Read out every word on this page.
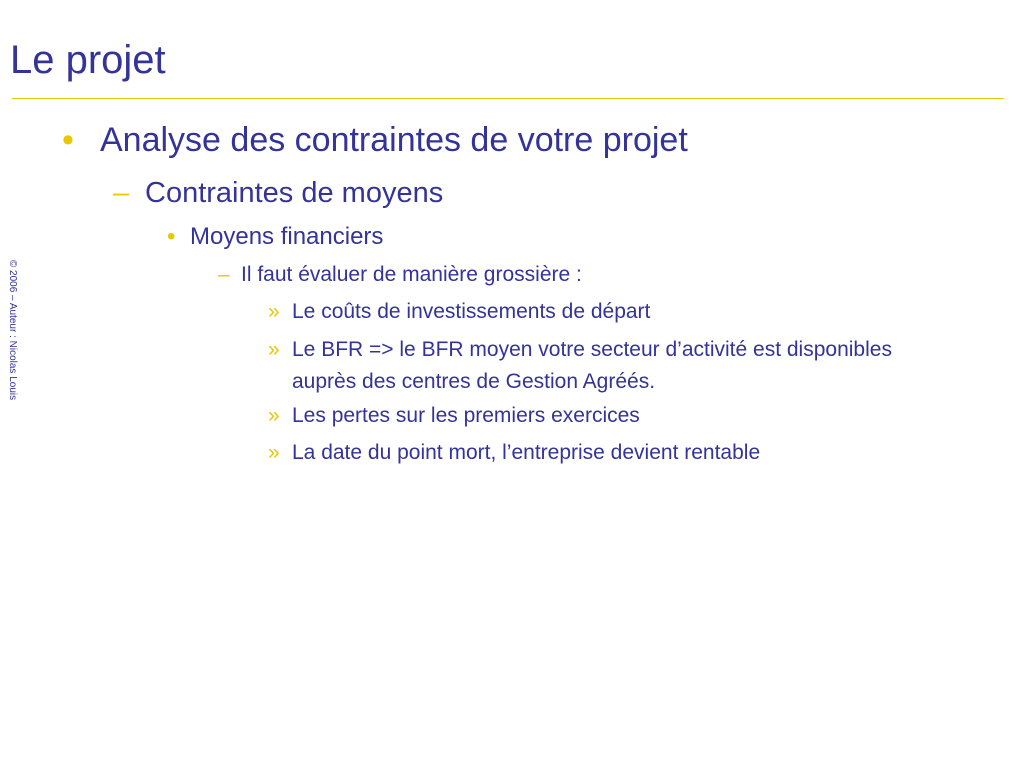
Le projet
© 2006 – Auteur : Nicolas Louis
• Analyse des contraintes de votre projet
– Contraintes de moyens
• Moyens financiers
– Il faut évaluer de manière grossière :
» Le coûts de investissements de départ
» Le BFR => le BFR moyen votre secteur d’activité est disponibles auprès des centres de Gestion Agréés.
» Les pertes sur les premiers exercices
» La date du point mort, l’entreprise devient rentable
